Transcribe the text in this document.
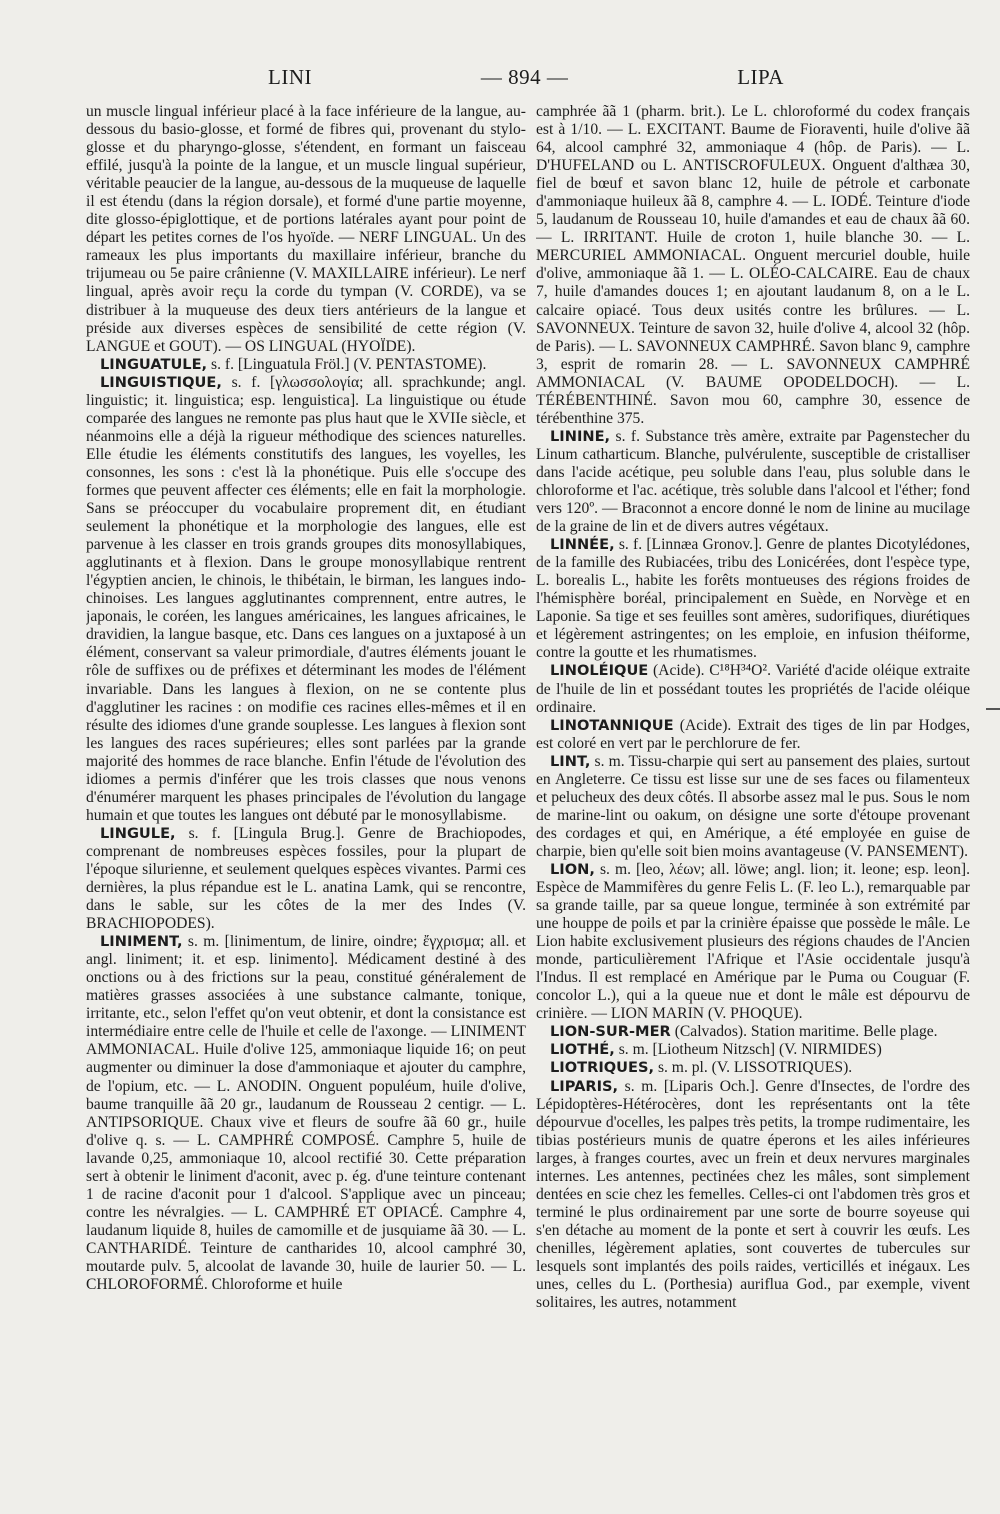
LINI	— 894 —	LIPA

un muscle lingual inférieur placé à la face inférieure de la langue, au-dessous du basio-glosse, et formé de fibres qui, provenant du stylo-glosse et du pharyngo-glosse, s'étendent, en formant un faisceau effilé, jusqu'à la pointe de la langue, et un muscle lingual supérieur, véritable peaucier de la langue, au-dessous de la muqueuse de laquelle il est étendu (dans la région dorsale), et formé d'une partie moyenne, dite glosso-épiglottique, et de portions latérales ayant pour point de départ les petites cornes de l'os hyoïde. — NERF LINGUAL. Un des rameaux les plus importants du maxillaire inférieur, branche du trijumeau ou 5e paire crânienne (V. MAXILLAIRE inférieur). Le nerf lingual, après avoir reçu la corde du tympan (V. CORDE), va se distribuer à la muqueuse des deux tiers antérieurs de la langue et préside aux diverses espèces de sensibilité de cette région (V. LANGUE et GOUT). — OS LINGUAL (HYOÏDE).

LINGUATULE, s. f. [Linguatula Fröl.] (V. PENTASTOME).

LINGUISTIQUE, s. f. [γλωσσολογία; all. sprachkunde; angl. linguistic; it. linguistica; esp. lenguistica]. La linguistique ou étude comparée des langues ne remonte pas plus haut que le XVIIe siècle, et néanmoins elle a déjà la rigueur méthodique des sciences naturelles. Elle étudie les éléments constitutifs des langues, les voyelles, les consonnes, les sons : c'est là la phonétique. Puis elle s'occupe des formes que peuvent affecter ces éléments; elle en fait la morphologie. Sans se préoccuper du vocabulaire proprement dit, en étudiant seulement la phonétique et la morphologie des langues, elle est parvenue à les classer en trois grands groupes dits monosyllabiques, agglutinants et à flexion. Dans le groupe monosyllabique rentrent l'égyptien ancien, le chinois, le thibétain, le birman, les langues indo-chinoises. Les langues agglutinantes comprennent, entre autres, le japonais, le coréen, les langues américaines, les langues africaines, le dravidien, la langue basque, etc. Dans ces langues on a juxtaposé à un élément, conservant sa valeur primordiale, d'autres éléments jouant le rôle de suffixes ou de préfixes et déterminant les modes de l'élément invariable. Dans les langues à flexion, on ne se contente plus d'agglutiner les racines : on modifie ces racines elles-mêmes et il en résulte des idiomes d'une grande souplesse. Les langues à flexion sont les langues des races supérieures; elles sont parlées par la grande majorité des hommes de race blanche. Enfin l'étude de l'évolution des idiomes a permis d'inférer que les trois classes que nous venons d'énumérer marquent les phases principales de l'évolution du langage humain et que toutes les langues ont débuté par le monosyllabisme.

LINGULE, s. f. [Lingula Brug.]. Genre de Brachiopodes, comprenant de nombreuses espèces fossiles, pour la plupart de l'époque silurienne, et seulement quelques espèces vivantes. Parmi ces dernières, la plus répandue est le L. anatina Lamk, qui se rencontre, dans le sable, sur les côtes de la mer des Indes (V. BRACHIOPODES).

LINIMENT, s. m. [linimentum, de linire, oindre; ἔγχρισμα; all. et angl. liniment; it. et esp. linimento]. Médicament destiné à des onctions ou à des frictions sur la peau, constitué généralement de matières grasses associées à une substance calmante, tonique, irritante, etc., selon l'effet qu'on veut obtenir, et dont la consistance est intermédiaire entre celle de l'huile et celle de l'axonge. — LINIMENT AMMONIACAL. Huile d'olive 125, ammoniaque liquide 16; on peut augmenter ou diminuer la dose d'ammoniaque et ajouter du camphre, de l'opium, etc. — L. ANODIN. Onguent populéum, huile d'olive, baume tranquille ãã 20 gr., laudanum de Rousseau 2 centigr. — L. ANTIPSORIQUE. Chaux vive et fleurs de soufre ãã 60 gr., huile d'olive q. s. — L. CAMPHRÉ COMPOSÉ. Camphre 5, huile de lavande 0,25, ammoniaque 10, alcool rectifié 30. Cette préparation sert à obtenir le liniment d'aconit, avec p. ég. d'une teinture contenant 1 de racine d'aconit pour 1 d'alcool. S'applique avec un pinceau; contre les névralgies. — L. CAMPHRÉ ET OPIACÉ. Camphre 4, laudanum liquide 8, huiles de camomille et de jusquiame ãã 30. — L. CANTHARIDÉ. Teinture de cantharides 10, alcool camphré 30, moutarde pulv. 5, alcoolat de lavande 30, huile de laurier 50. — L. CHLOROFORMÉ. Chloroforme et huile

camphrée ãã 1 (pharm. brit.). Le L. chloroformé du codex français est à 1/10. — L. EXCITANT. Baume de Fioraventi, huile d'olive ãã 64, alcool camphré 32, ammoniaque 4 (hôp. de Paris). — L. D'HUFELAND ou L. ANTISCROFULEUX. Onguent d'althæa 30, fiel de bœuf et savon blanc 12, huile de pétrole et carbonate d'ammoniaque huileux ãã 8, camphre 4. — L. IODÉ. Teinture d'iode 5, laudanum de Rousseau 10, huile d'amandes et eau de chaux ãã 60. — L. IRRITANT. Huile de croton 1, huile blanche 30. — L. MERCURIEL AMMONIACAL. Onguent mercuriel double, huile d'olive, ammoniaque ãã 1. — L. OLÉO-CALCAIRE. Eau de chaux 7, huile d'amandes douces 1; en ajoutant laudanum 8, on a le L. calcaire opiacé. Tous deux usités contre les brûlures. — L. SAVONNEUX. Teinture de savon 32, huile d'olive 4, alcool 32 (hôp. de Paris). — L. SAVONNEUX CAMPHRÉ. Savon blanc 9, camphre 3, esprit de romarin 28. — L. SAVONNEUX CAMPHRÉ AMMONIACAL (V. BAUME OPODELDOCH). — L. TÉRÉBENTHINÉ. Savon mou 60, camphre 30, essence de térébenthine 375.

LININE, s. f. Substance très amère, extraite par Pagenstecher du Linum catharticum. Blanche, pulvérulente, susceptible de cristalliser dans l'acide acétique, peu soluble dans l'eau, plus soluble dans le chloroforme et l'ac. acétique, très soluble dans l'alcool et l'éther; fond vers 120º. — Braconnot a encore donné le nom de linine au mucilage de la graine de lin et de divers autres végétaux.

LINNÉE, s. f. [Linnæa Gronov.]. Genre de plantes Dicotylédones, de la famille des Rubiacées, tribu des Lonicérées, dont l'espèce type, L. borealis L., habite les forêts montueuses des régions froides de l'hémisphère boréal, principalement en Suède, en Norvège et en Laponie. Sa tige et ses feuilles sont amères, sudorifiques, diurétiques et légèrement astringentes; on les emploie, en infusion théiforme, contre la goutte et les rhumatismes.

LINOLÉIQUE (Acide). C¹⁸H³⁴O². Variété d'acide oléique extraite de l'huile de lin et possédant toutes les propriétés de l'acide oléique ordinaire.

LINOTANNIQUE (Acide). Extrait des tiges de lin par Hodges, est coloré en vert par le perchlorure de fer.

LINT, s. m. Tissu-charpie qui sert au pansement des plaies, surtout en Angleterre. Ce tissu est lisse sur une de ses faces ou filamenteux et pelucheux des deux côtés. Il absorbe assez mal le pus. Sous le nom de marine-lint ou oakum, on désigne une sorte d'étoupe provenant des cordages et qui, en Amérique, a été employée en guise de charpie, bien qu'elle soit bien moins avantageuse (V. PANSEMENT).

LION, s. m. [leo, λέων; all. löwe; angl. lion; it. leone; esp. leon]. Espèce de Mammifères du genre Felis L. (F. leo L.), remarquable par sa grande taille, par sa queue longue, terminée à son extrémité par une houppe de poils et par la crinière épaisse que possède le mâle. Le Lion habite exclusivement plusieurs des régions chaudes de l'Ancien monde, particulièrement l'Afrique et l'Asie occidentale jusqu'à l'Indus. Il est remplacé en Amérique par le Puma ou Couguar (F. concolor L.), qui a la queue nue et dont le mâle est dépourvu de crinière. — LION MARIN (V. PHOQUE).

LION-SUR-MER (Calvados). Station maritime. Belle plage.

LIOTHÉ, s. m. [Liotheum Nitzsch] (V. NIRMIDES)

LIOTRIQUES, s. m. pl. (V. LISSOTRIQUES).

LIPARIS, s. m. [Liparis Och.]. Genre d'Insectes, de l'ordre des Lépidoptères-Hétérocères, dont les représentants ont la tête dépourvue d'ocelles, les palpes très petits, la trompe rudimentaire, les tibias postérieurs munis de quatre éperons et les ailes inférieures larges, à franges courtes, avec un frein et deux nervures marginales internes. Les antennes, pectinées chez les mâles, sont simplement dentées en scie chez les femelles. Celles-ci ont l'abdomen très gros et terminé le plus ordinairement par une sorte de bourre soyeuse qui s'en détache au moment de la ponte et sert à couvrir les œufs. Les chenilles, légèrement aplaties, sont couvertes de tubercules sur lesquels sont implantés des poils raides, verticillés et inégaux. Les unes, celles du L. (Porthesia) auriflua God., par exemple, vivent solitaires, les autres, notamment
